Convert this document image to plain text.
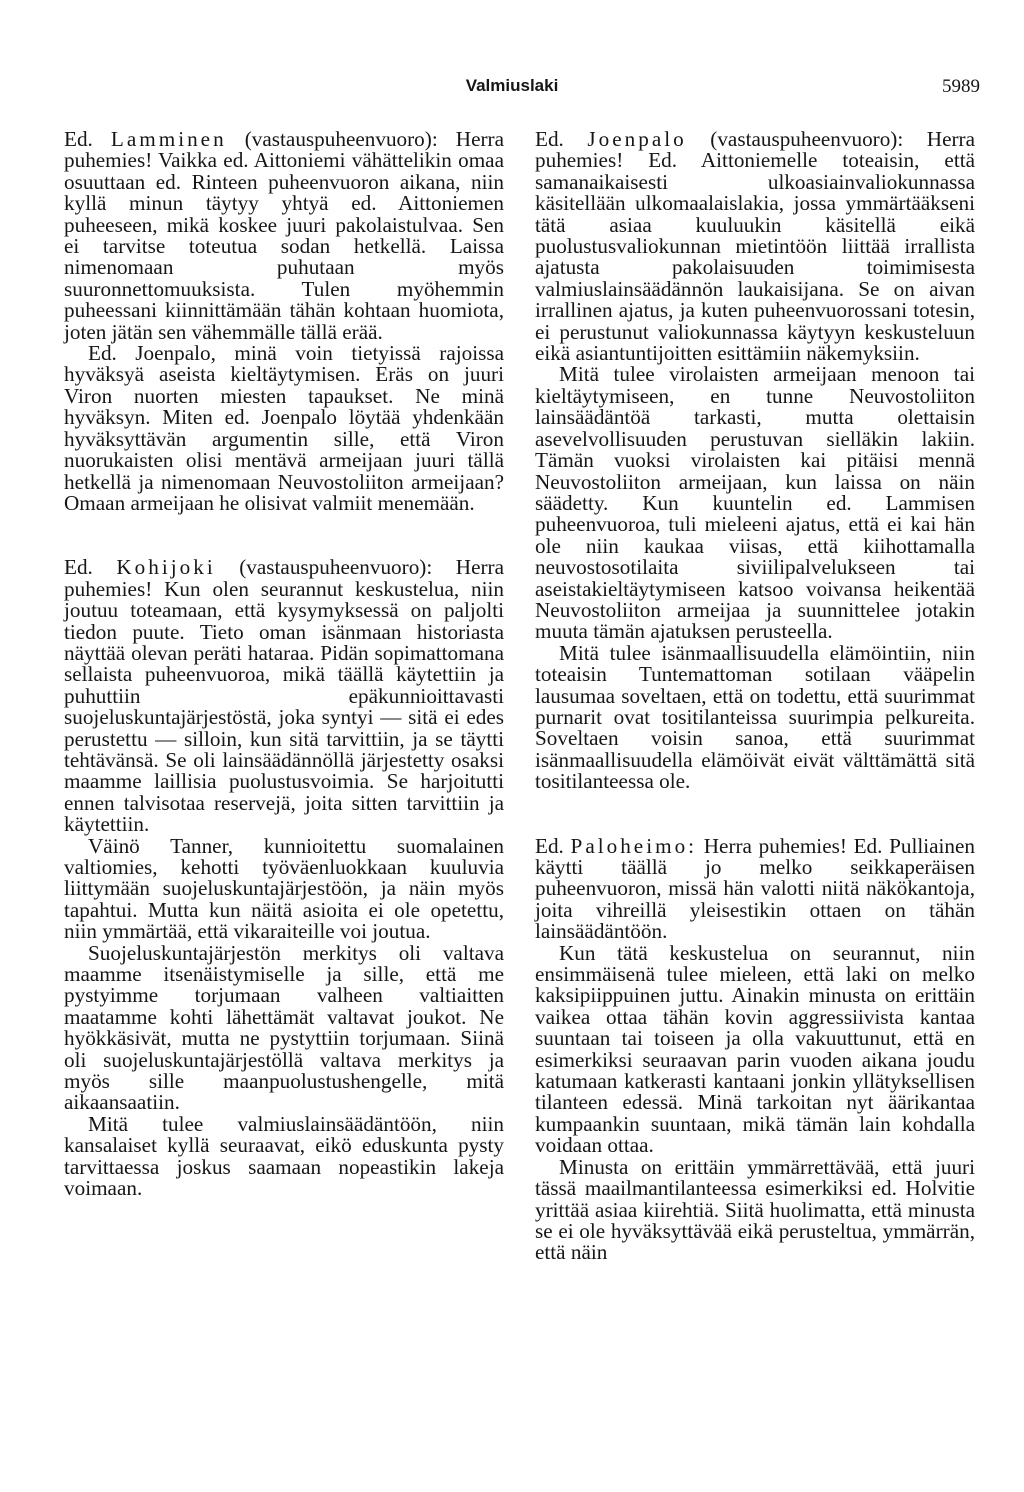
Valmiuslaki	5989

Ed. Lamminen (vastauspuheenvuoro): Herra puhemies! Vaikka ed. Aittoniemi vähättelikin omaa osuuttaan ed. Rinteen puheenvuoron aikana, niin kyllä minun täytyy yhtyä ed. Aittoniemen puheeseen, mikä koskee juuri pakolaistulvaa. Sen ei tarvitse toteutua sodan hetkellä. Laissa nimenomaan puhutaan myös suuronnettomuuksista. Tulen myöhemmin puheessani kiinnittämään tähän kohtaan huomiota, joten jätän sen vähemmälle tällä erää.

Ed. Joenpalo, minä voin tietyissä rajoissa hyväksyä aseista kieltäytymisen. Eräs on juuri Viron nuorten miesten tapaukset. Ne minä hyväksyn. Miten ed. Joenpalo löytää yhdenkään hyväksyttävän argumentin sille, että Viron nuorukaisten olisi mentävä armeijaan juuri tällä hetkellä ja nimenomaan Neuvostoliiton armeijaan? Omaan armeijaan he olisivat valmiit menemään.

Ed. Kohijoki (vastauspuheenvuoro): Herra puhemies! Kun olen seurannut keskustelua, niin joutuu toteamaan, että kysymyksessä on paljolti tiedon puute. Tieto oman isänmaan historiasta näyttää olevan peräti hataraa. Pidän sopimattomana sellaista puheenvuoroa, mikä täällä käytettiin ja puhuttiin epäkunnioittavasti suojeluskuntajärjestöstä, joka syntyi — sitä ei edes perustettu — silloin, kun sitä tarvittiin, ja se täytti tehtävänsä. Se oli lainsäädännöllä järjestetty osaksi maamme laillisia puolustusvoimia. Se harjoitutti ennen talvisotaa reservejä, joita sitten tarvittiin ja käytettiin.

Väinö Tanner, kunnioitettu suomalainen valtiomies, kehotti työväenluokkaan kuuluvia liittymään suojeluskuntajärjestöön, ja näin myös tapahtui. Mutta kun näitä asioita ei ole opetettu, niin ymmärtää, että vikaraiteille voi joutua.

Suojeluskuntajärjestön merkitys oli valtava maamme itsenäistymiselle ja sille, että me pystyimme torjumaan valheen valtiaitten maatamme kohti lähettämät valtavat joukot. Ne hyökkäsivät, mutta ne pystyttiin torjumaan. Siinä oli suojeluskuntajärjestöllä valtava merkitys ja myös sille maanpuolustushengelle, mitä aikaansaatiin.

Mitä tulee valmiuslainsäädäntöön, niin kansalaiset kyllä seuraavat, eikö eduskunta pysty tarvittaessa joskus saamaan nopeastikin lakeja voimaan.

Ed. Joenpalo (vastauspuheenvuoro): Herra puhemies! Ed. Aittoniemelle toteaisin, että samanaikaisesti ulkoasiainvaliokunnassa käsitellään ulkomaalaislakia, jossa ymmärtääkseni tätä asiaa kuuluukin käsitellä eikä puolustusvaliokunnan mietintöön liittää irrallista ajatusta pakolaisuuden toimimisesta valmiuslainsäädännön laukaisijana. Se on aivan irrallinen ajatus, ja kuten puheenvuorossani totesin, ei perustunut valiokunnassa käytyyn keskusteluun eikä asiantuntijoitten esittämiin näkemyksiin.

Mitä tulee virolaisten armeijaan menoon tai kieltäytymiseen, en tunne Neuvostoliiton lainsäädäntöä tarkasti, mutta olettaisin asevelvollisuuden perustuvan sielläkin lakiin. Tämän vuoksi virolaisten kai pitäisi mennä Neuvostoliiton armeijaan, kun laissa on näin säädetty. Kun kuuntelin ed. Lammisen puheenvuoroa, tuli mieleeni ajatus, että ei kai hän ole niin kaukaa viisas, että kiihottamalla neuvostosotilaita siviilipalvelukseen tai aseistakieltäytymiseen katsoo voivansa heikentää Neuvostoliiton armeijaa ja suunnittelee jotakin muuta tämän ajatuksen perusteella.

Mitä tulee isänmaallisuudella elämöintiin, niin toteaisin Tuntemattoman sotilaan vääpelin lausumaa soveltaen, että on todettu, että suurimmat purnarit ovat tositilanteissa suurimpia pelkureita. Soveltaen voisin sanoa, että suurimmat isänmaallisuudella elämöivät eivät välttämättä sitä tositilanteessa ole.

Ed. Paloheimo: Herra puhemies! Ed. Pulliainen käytti täällä jo melko seikkaperäisen puheenvuoron, missä hän valotti niitä näkökantoja, joita vihreillä yleisestikin ottaen on tähän lainsäädäntöön.

Kun tätä keskustelua on seurannut, niin ensimmäisenä tulee mieleen, että laki on melko kaksipiippuinen juttu. Ainakin minusta on erittäin vaikea ottaa tähän kovin aggressiivista kantaa suuntaan tai toiseen ja olla vakuuttunut, että en esimerkiksi seuraavan parin vuoden aikana joudu katumaan katkerasti kantaani jonkin yllätyksellisen tilanteen edessä. Minä tarkoitan nyt äärikantaa kumpaankin suuntaan, mikä tämän lain kohdalla voidaan ottaa.

Minusta on erittäin ymmärrettävää, että juuri tässä maailmantilanteessa esimerkiksi ed. Holvitie yrittää asiaa kiirehtiä. Siitä huolimatta, että minusta se ei ole hyväksyttävää eikä perusteltua, ymmärrän, että näin
